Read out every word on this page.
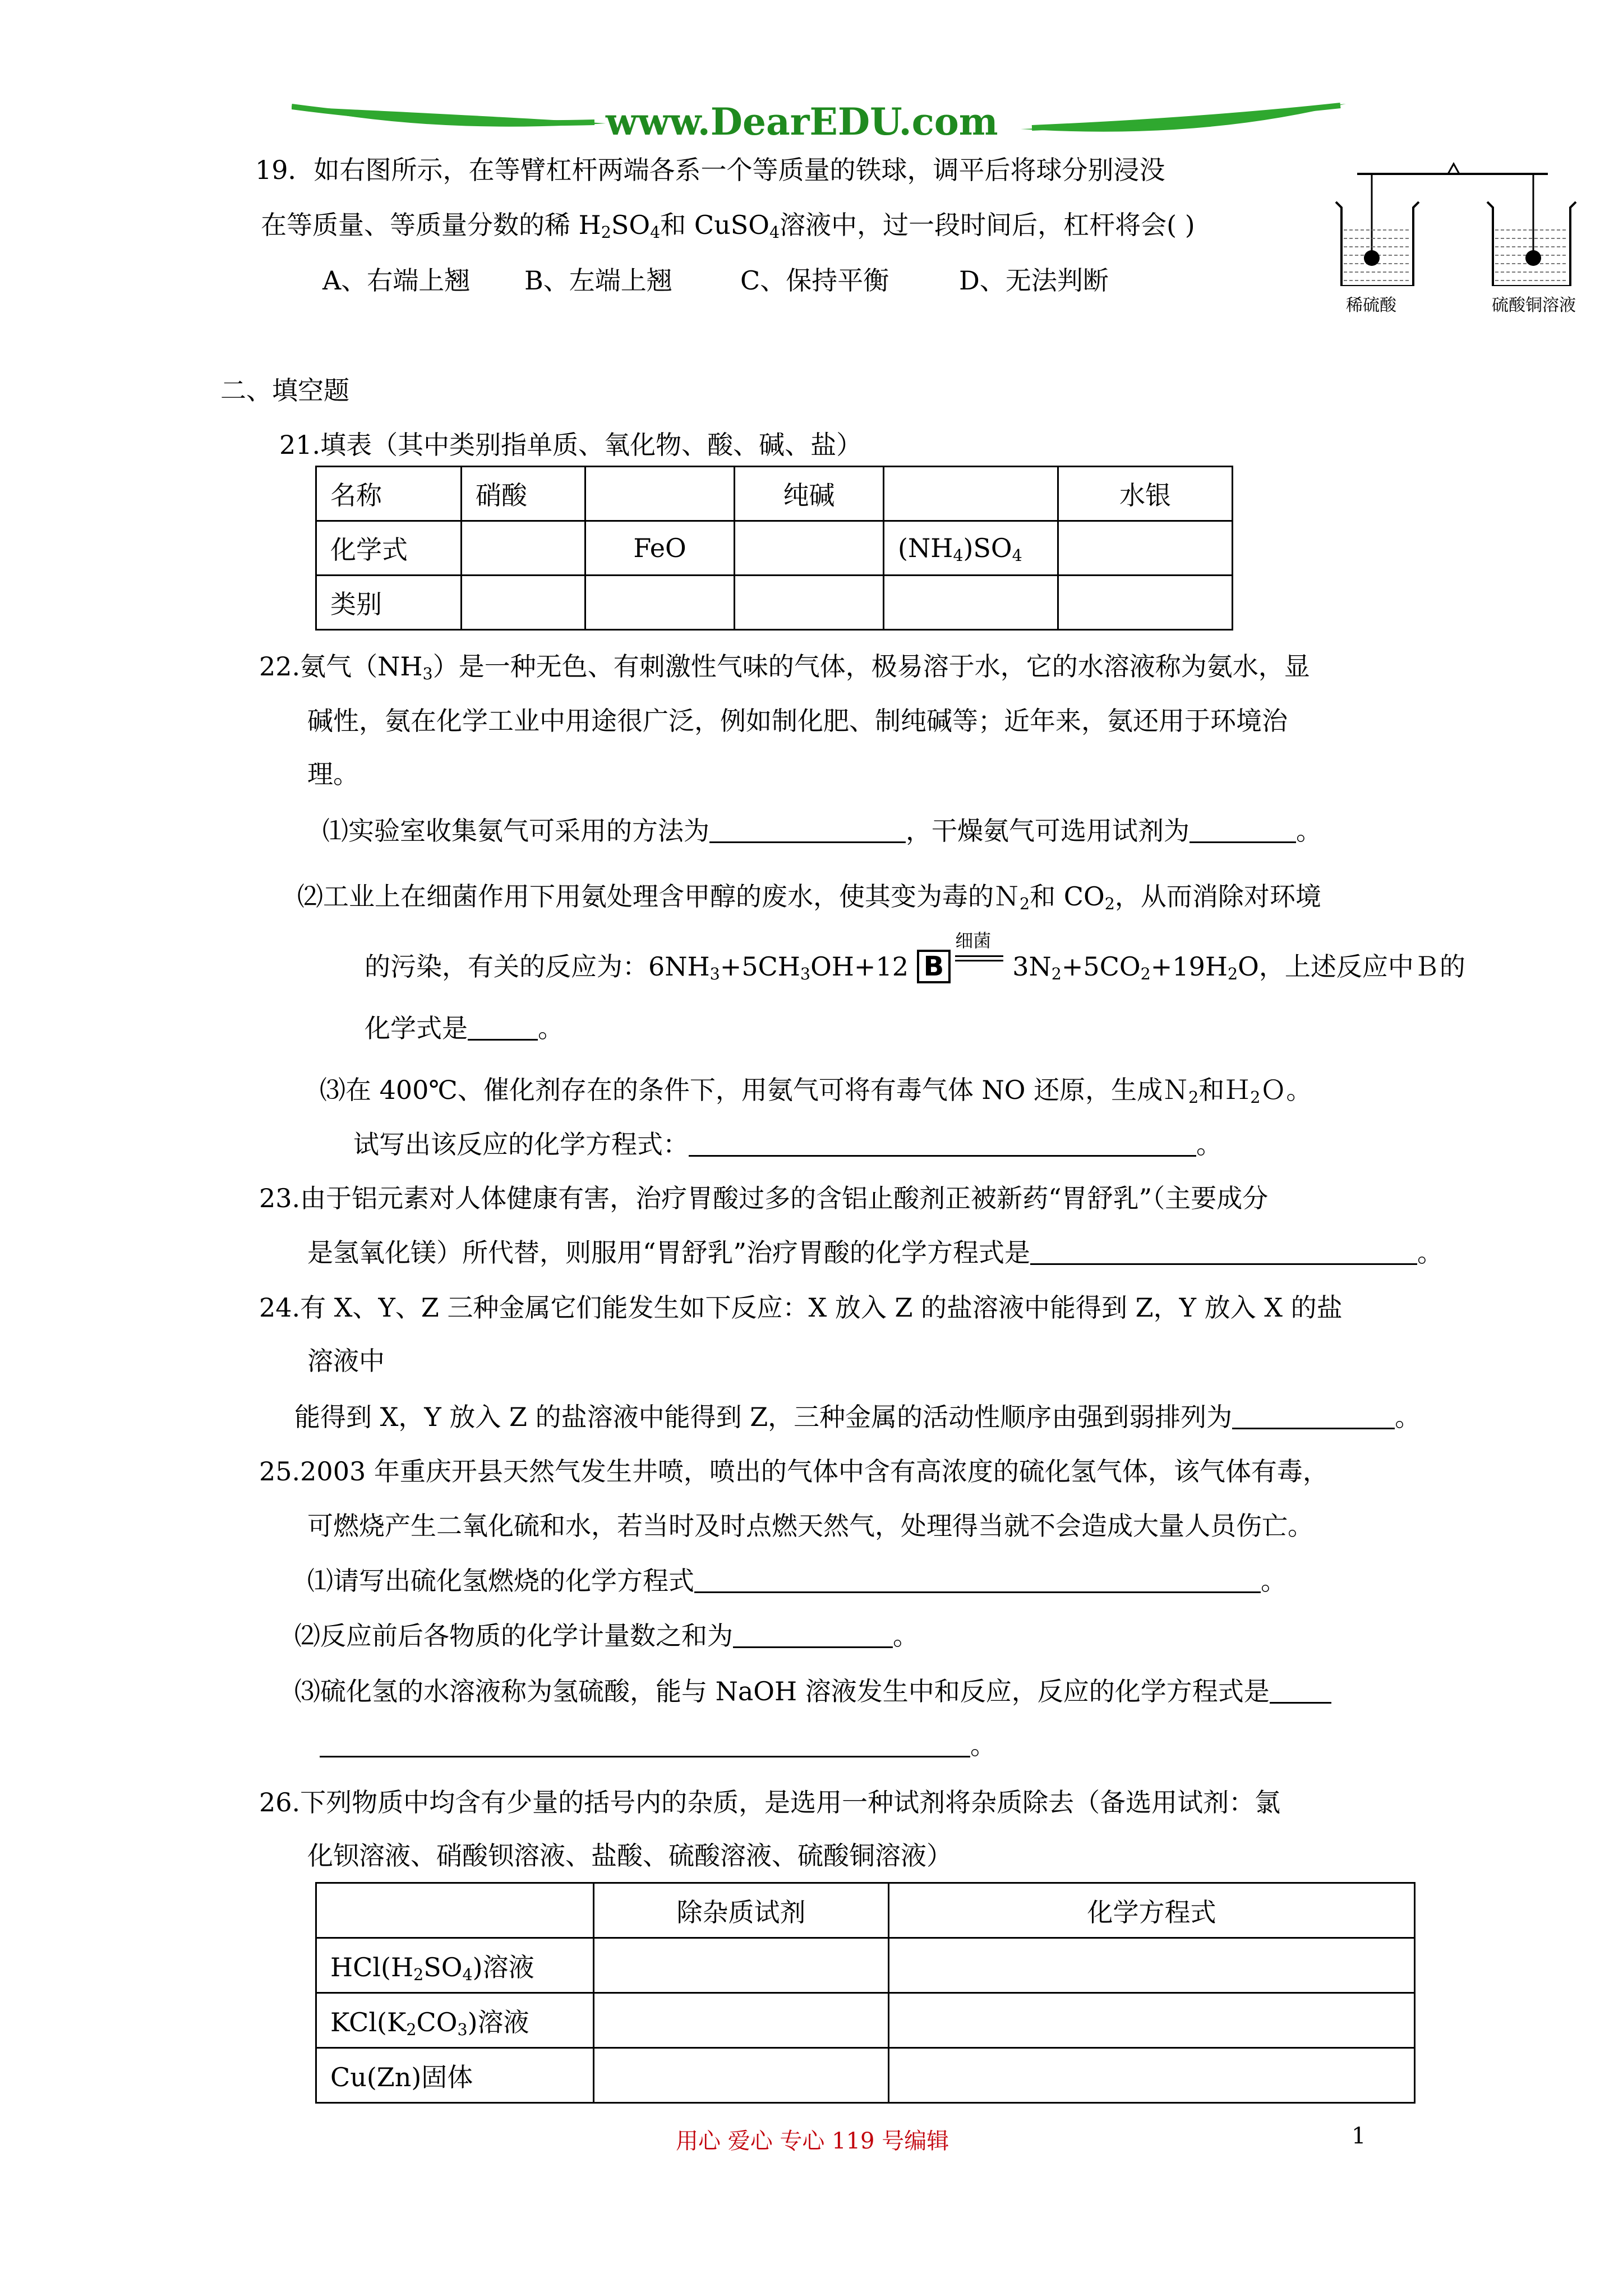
www.DearEDU.com
19．如右图所示，在等臂杠杆两端各系一个等质量的铁球，调平后将球分别浸没
在等质量、等质量分数的稀 $H_2SO_4$和 CuSO$_4$溶液中，过一段时间后，杠杆将会( )
A、右端上翘 B、左端上翘	C、保持平衡	D、无法判断
稀硫酸	硫酸铜溶液
二、填空题
21.填表（其中类别指单质、氧化物、酸、碱、盐）
名称	硝酸		纯碱		水银
化学式		FeO		$(NH_4)SO_4$	
类别					
22.氨气$(NH_3)$是一种无色、有刺激性气味的气体，极易溶于水，它的水溶液称为氨水，显
碱性，氨在化学工业中用途很广泛，例如制化肥、制纯碱等；近年来，氨还用于环境治
理。
⑴实验室收集氨气可采用的方法为	，干燥氨气可选用试剂为	。
⑵工业上在细菌作用下用氨处理含甲醇的废水，使其变为毒的Ｎ$_2$和 $CO_2$，从而消除对环境
的污染，有关的反应为：$6NH_3+5CH_3OH+12$ B
细菌
$3N_2+5CO_2+19H_2O$，上述反应中Ｂ的
化学式是	。
⑶在 400℃、催化剂存在的条件下，用氨气可将有毒气体 NO 还原，生成Ｎ$_2$和Ｈ$_2$Ｏ。
试写出该反应的化学方程式：	。
23.由于铝元素对人体健康有害，治疗胃酸过多的含铝止酸剂正被新药“胃舒乳”（主要成分
是氢氧化镁）所代替，则服用“胃舒乳”治疗胃酸的化学方程式是	。
24.有 X、Y、Z 三种金属它们能发生如下反应：X 放入 Z 的盐溶液中能得到 Z，Y 放入 X 的盐
溶液中
能得到 X，Y 放入 Z 的盐溶液中能得到 Z，三种金属的活动性顺序由强到弱排列为	。
25.2003 年重庆开县天然气发生井喷，喷出的气体中含有高浓度的硫化氢气体，该气体有毒，
可燃烧产生二氧化硫和水，若当时及时点燃天然气，处理得当就不会造成大量人员伤亡。
⑴请写出硫化氢燃烧的化学方程式	。
⑵反应前后各物质的化学计量数之和为	。
⑶硫化氢的水溶液称为氢硫酸，能与 NaOH 溶液发生中和反应，反应的化学方程式是
。
26.下列物质中均含有少量的括号内的杂质，是选用一种试剂将杂质除去（备选用试剂：氯
化钡溶液、硝酸钡溶液、盐酸、硫酸溶液、硫酸铜溶液）
	除杂质试剂	化学方程式
$HCl(H_2SO_4)$溶液		
$KCl(K_2CO_3)$溶液		
Cu(Zn)固体		
用心 爱心 专心 119 号编辑	1
